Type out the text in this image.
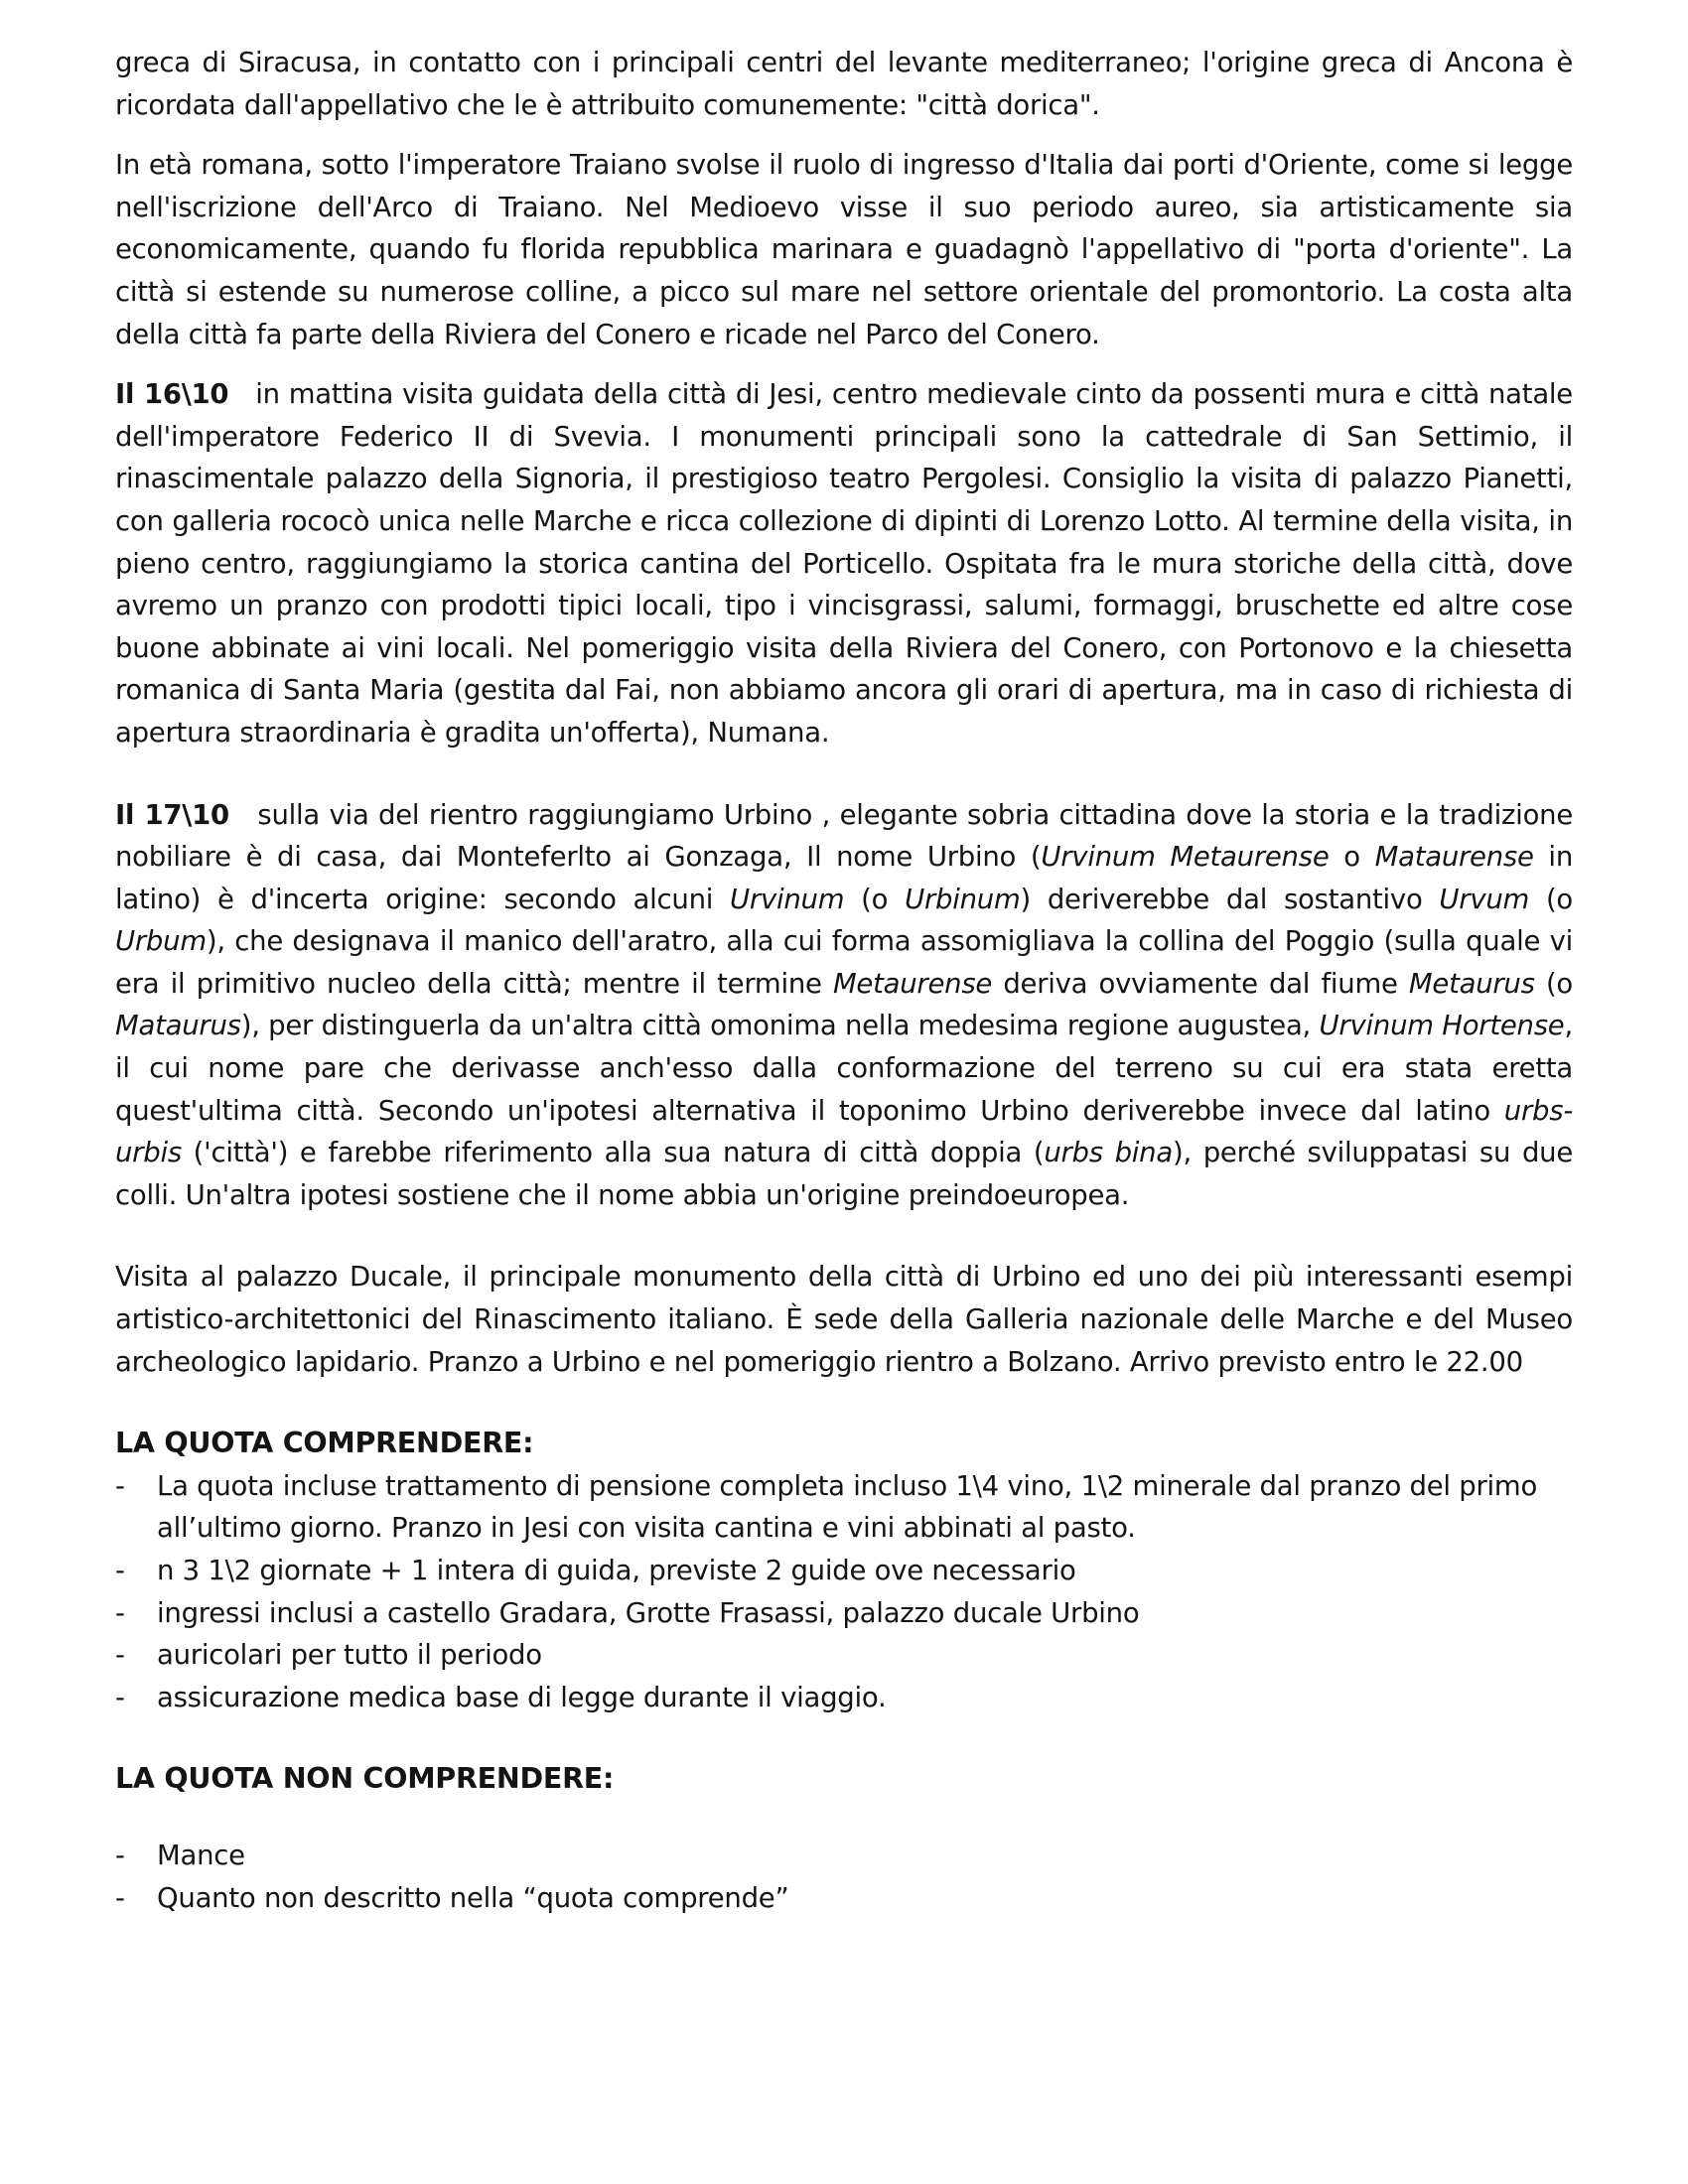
greca di Siracusa, in contatto con i principali centri del levante mediterraneo; l'origine greca di Ancona è ricordata dall'appellativo che le è attribuito comunemente: "città dorica".

In età romana, sotto l'imperatore Traiano svolse il ruolo di ingresso d'Italia dai porti d'Oriente, come si legge nell'iscrizione dell'Arco di Traiano. Nel Medioevo visse il suo periodo aureo, sia artisticamente sia economicamente, quando fu florida repubblica marinara e guadagnò l'appellativo di "porta d'oriente". La città si estende su numerose colline, a picco sul mare nel settore orientale del promontorio. La costa alta della città fa parte della Riviera del Conero e ricade nel Parco del Conero.

Il 16\10 in mattina visita guidata della città di Jesi, centro medievale cinto da possenti mura e città natale dell'imperatore Federico II di Svevia. I monumenti principali sono la cattedrale di San Settimio, il rinascimentale palazzo della Signoria, il prestigioso teatro Pergolesi. Consiglio la visita di palazzo Pianetti, con galleria rococò unica nelle Marche e ricca collezione di dipinti di Lorenzo Lotto. Al termine della visita, in pieno centro, raggiungiamo la storica cantina del Porticello. Ospitata fra le mura storiche della città, dove avremo un pranzo con prodotti tipici locali, tipo i vincisgrassi, salumi, formaggi, bruschette ed altre cose buone abbinate ai vini locali. Nel pomeriggio visita della Riviera del Conero, con Portonovo e la chiesetta romanica di Santa Maria (gestita dal Fai, non abbiamo ancora gli orari di apertura, ma in caso di richiesta di apertura straordinaria è gradita un'offerta), Numana.

Il 17\10 sulla via del rientro raggiungiamo Urbino , elegante sobria cittadina dove la storia e la tradizione nobiliare è di casa, dai Monteferlto ai Gonzaga, Il nome Urbino (Urvinum Metaurense o Mataurense in latino) è d'incerta origine: secondo alcuni Urvinum (o Urbinum) deriverebbe dal sostantivo Urvum (o Urbum), che designava il manico dell'aratro, alla cui forma assomigliava la collina del Poggio (sulla quale vi era il primitivo nucleo della città; mentre il termine Metaurense deriva ovviamente dal fiume Metaurus (o Mataurus), per distinguerla da un'altra città omonima nella medesima regione augustea, Urvinum Hortense, il cui nome pare che derivasse anch'esso dalla conformazione del terreno su cui era stata eretta quest'ultima città. Secondo un'ipotesi alternativa il toponimo Urbino deriverebbe invece dal latino urbs-urbis ('città') e farebbe riferimento alla sua natura di città doppia (urbs bina), perché sviluppatasi su due colli. Un'altra ipotesi sostiene che il nome abbia un'origine preindoeuropea.

Visita al palazzo Ducale, il principale monumento della città di Urbino ed uno dei più interessanti esempi artistico-architettonici del Rinascimento italiano. È sede della Galleria nazionale delle Marche e del Museo archeologico lapidario. Pranzo a Urbino e nel pomeriggio rientro a Bolzano. Arrivo previsto entro le 22.00

LA QUOTA COMPRENDERE:

- La quota incluse trattamento di pensione completa incluso 1\4 vino, 1\2 minerale dal pranzo del primo all’ultimo giorno. Pranzo in Jesi con visita cantina e vini abbinati al pasto.
- n 3 1\2 giornate + 1 intera di guida, previste 2 guide ove necessario
- ingressi inclusi a castello Gradara, Grotte Frasassi, palazzo ducale Urbino
- auricolari per tutto il periodo
- assicurazione medica base di legge durante il viaggio.

LA QUOTA NON COMPRENDERE:

- Mance
- Quanto non descritto nella “quota comprende”
